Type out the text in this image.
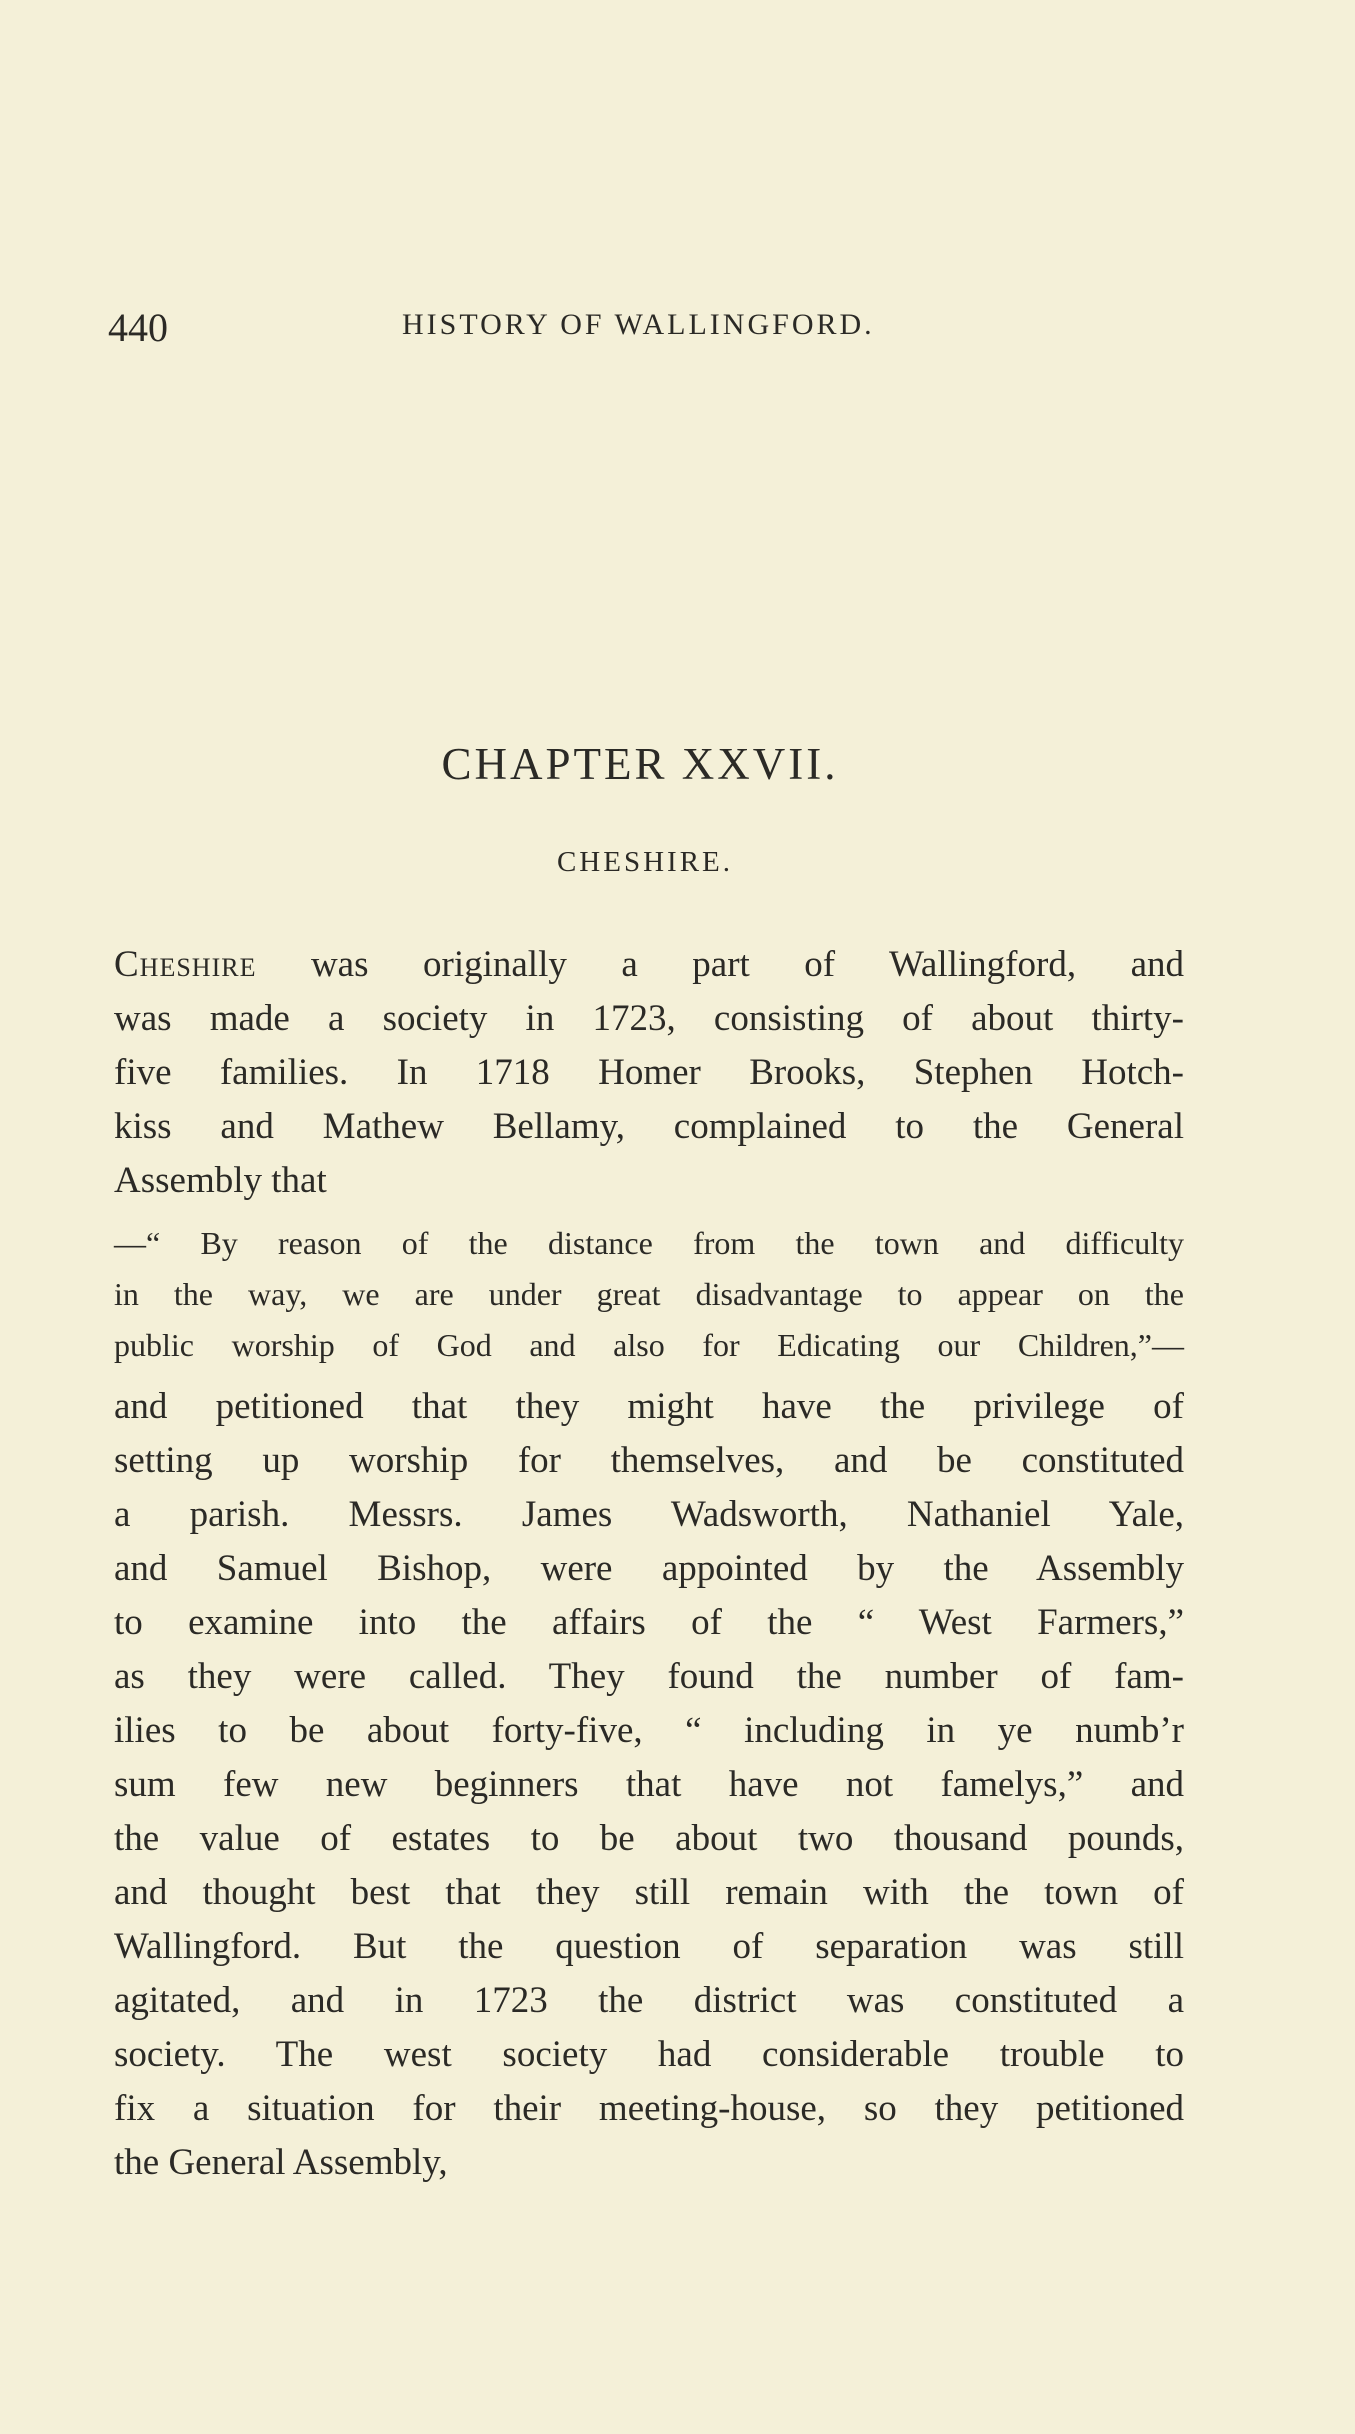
440	HISTORY OF WALLINGFORD.
CHAPTER XXVII.
CHESHIRE.
Cheshire was originally a part of Wallingford, and
was made a society in 1723, consisting of about thirty-
five families. In 1718 Homer Brooks, Stephen Hotch-
kiss and Mathew Bellamy, complained to the General
Assembly that
—“ By reason of the distance from the town and difficulty
in the way, we are under great disadvantage to appear on the
public worship of God and also for Edicating our Children,”—
and petitioned that they might have the privilege of
setting up worship for themselves, and be constituted
a parish. Messrs. James Wadsworth, Nathaniel Yale,
and Samuel Bishop, were appointed by the Assembly
to examine into the affairs of the “ West Farmers,”
as they were called. They found the number of fam-
ilies to be about forty-five, “ including in ye numb’r
sum few new beginners that have not famelys,” and
the value of estates to be about two thousand pounds,
and thought best that they still remain with the town of
Wallingford. But the question of separation was still
agitated, and in 1723 the district was constituted a
society. The west society had considerable trouble to
fix a situation for their meeting-house, so they petitioned
the General Assembly,
